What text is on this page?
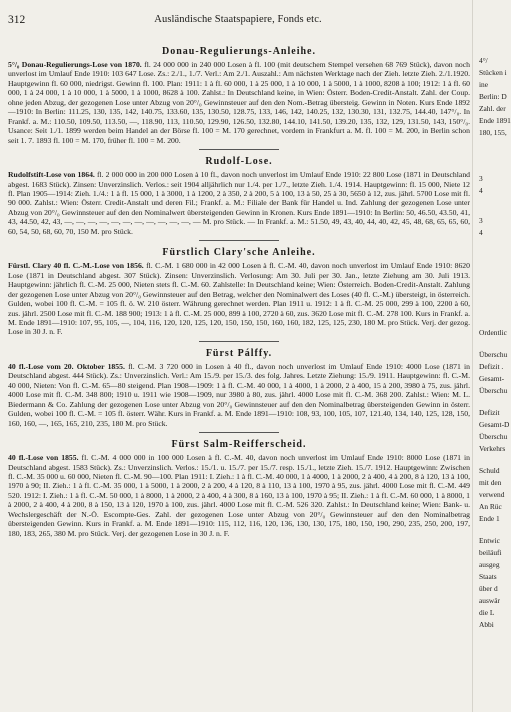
312	Ausländische Staatspapiere, Fonds etc.
Donau-Regulierungs-Anleihe.

5°/₀ Donau-Regulierungs-Lose von 1870. fl. 24 000 000 in 240 000 Losen à fl. 100 (mit deutschem Stempel versehen 68 769 Stück), davon noch unverlost im Umlauf Ende 1910: 103 647 Lose. Zs.: 2./1., 1./7. Verl.: Am 2./1. Auszahl.: Am nächsten Werktage nach der Zieh. letzte Zieh. 2./1.1920. Hauptgewinn fl. 60 000, niedrigst. Gewinn fl. 100. Plan: 1911: 1 à fl. 60 000, 1 à 25 000, 1 à 10 000, 1 à 5000, 1 à 1000, 8208 à 100; 1912: 1 à fl. 60 000, 1 à 24 000, 1 à 10 000, 1 à 5000, 1 à 1000, 8628 à 100. Zahlst.: In Deutschland keine, in Wien: Österr. Boden-Credit-Anstalt. Zahl. der Coup. ohne jeden Abzug, der gezogenen Lose unter Abzug von 20°/₀ Gewinnsteuer auf den den Nom.-Betrag übersteig. Gewinn in Noten. Kurs Ende 1892—1910: In Berlin: 111.25, 130, 135, 142, 140.75, 133.60, 135, 130.50, 128.75, 133, 146, 142, 140.25, 132, 130.30, 131, 132.75, 144.40, 147°/₀. In Frankf. a. M.: 110.50, 109.50, 113.50, —, 118.90, 113, 110.50, 129.90, 126.50, 132.80, 144.10, 141.50, 139.20, 135, 132, 129, 131.50, 143, 150°/₀. Usance: Seit 1./1. 1899 werden beim Handel an der Börse fl. 100 = M. 170 gerechnet, vordem in Frankfurt a. M. fl. 100 = M. 200, in Berlin schon seit 1. 7. 1893 fl. 100 = M. 170, früher fl. 100 = M. 200.

Rudolf-Lose.

Rudolfstift-Lose von 1864. fl. 2 000 000 in 200 000 Losen à 10 fl., davon noch unverlost im Umlauf Ende 1910: 22 800 Lose (1871 in Deutschland abgest. 1683 Stück). Zinsen: Unverzinslich. Verlos.: seit 1904 alljährlich nur 1./4. per 1./7., letzte Zieh. 1./4. 1914. Hauptgewinn: fl. 15 000, Niete 12 fl. Plan 1905—1914: Zieh. 1./4.: 1 à fl. 15 000, 1 à 3000, 1 à 1200, 2 à 350, 2 à 200, 5 à 100, 13 à 50, 25 à 30, 5650 à 12, zus. jährl. 5700 Lose mit fl. 90 000. Zahlst.: Wien: Österr. Credit-Anstalt und deren Fil.; Frankf. a. M.: Filiale der Bank für Handel u. Ind. Zahlung der gezogenen Lose unter Abzug von 20°/₀ Gewinnsteuer auf den den Nominalwert übersteigenden Gewinn in Kronen. Kurs Ende 1891—1910: In Berlin: 50, 46.50, 43.50, 41, 43, 44.50, 42, 43, —, —, —, —, —, —, —, —, —, —, —, — M. pro Stück. — In Frankf. a. M.: 51.50, 49, 43, 40, 44, 40, 42, 45, 48, 68, 65, 65, 60, 60, 54, 50, 68, 60, 70, 150 M. pro Stück.

Fürstlich Clary'sche Anleihe.

Fürstl. Clary 40 fl. C.-M.-Lose von 1856. fl. C.-M. 1 680 000 in 42 000 Losen à fl. C.-M. 40, davon noch unverlost im Umlauf Ende 1910: 8620 Lose (1871 in Deutschland abgest. 307 Stück). Zinsen: Unverzinslich. Verlosung: Am 30. Juli per 30. Jan., letzte Ziehung am 30. Juli 1913. Hauptgewinn: jährlich fl. C.-M. 25 000, Nieten stets fl. C.-M. 60. Zahlstelle: In Deutschland keine; Wien: Österreich. Boden-Credit-Anstalt. Zahlung der gezogenen Lose unter Abzug von 20°/₀ Gewinnsteuer auf den Betrag, welcher den Nominalwert des Loses (40 fl. C.-M.) übersteigt, in österreich. Gulden, wobei 100 fl. C.-M. = 105 fl. ö. W. 210 österr. Währung gerechnet werden. Plan 1911 u. 1912: 1 à fl. C.-M. 25 000, 299 à 100, 2200 à 60, zus. jährl. 2500 Lose mit fl. C.-M. 188 900; 1913: 1 à fl. C.-M. 25 000, 899 à 100, 2720 à 60, zus. 3620 Lose mit fl. C.-M. 278 100. Kurs in Frankf. a. M. Ende 1891—1910: 107, 95, 105, —, 104, 116, 120, 120, 125, 120, 150, 150, 150, 160, 160, 182, 125, 125, 230, 180 M. pro Stück. Verj. der gezog. Lose in 30 J. n. F.

Fürst Pálffy.

40 fl.-Lose vom 20. Oktober 1855. fl. C.-M. 3 720 000 in Losen à 40 fl., davon noch unverlost im Umlauf Ende 1910: 4000 Lose (1871 in Deutschland abgest. 444 Stück). Zs.: Unverzinslich. Verl.: Am 15./9. per 15./3. des folg. Jahres. Letzte Ziehung: 15./9. 1911. Hauptgewinn: fl. C.-M. 40 000, Nieten: Von fl. C.-M. 65—80 steigend. Plan 1908—1909: 1 à fl. C.-M. 40 000, 1 à 4000, 1 à 2000, 2 à 400, 15 à 200, 3980 à 75, zus. jährl. 4000 Lose mit fl. C.-M. 348 800; 1910 u. 1911 wie 1908—1909, nur 3980 à 80, zus. jährl. 4000 Lose mit fl. C.-M. 368 200. Zahlst.: Wien: M. L. Biedermann & Co. Zahlung der gezogenen Lose unter Abzug von 20°/₀ Gewinnsteuer auf den den Nominalbetrag übersteigenden Gewinn in österr. Gulden, wobei 100 fl. C.-M. = 105 fl. österr. Währ. Kurs in Frankf. a. M. Ende 1891—1910: 108, 93, 100, 105, 107, 121.40, 134, 140, 125, 128, 150, 160, 160, —, 165, 165, 210, 235, 180 M. pro Stück.

Fürst Salm-Reifferscheid.

40 fl.-Lose von 1855. fl. C.-M. 4 000 000 in 100 000 Losen à fl. C.-M. 40, davon noch unverlost im Umlauf Ende 1910: 8000 Lose (1871 in Deutschland abgest. 1583 Stück). Zs.: Unverzinslich. Verlos.: 15./1. u. 15./7. per 15./7. resp. 15./1., letzte Zieh. 15./7. 1912. Hauptgewinn: Zwischen fl. C.-M. 35 000 u. 60 000, Nieten fl. C.-M. 90—100. Plan 1911: I. Zieh.: 1 à fl. C.-M. 40 000, 1 à 4000, 1 à 2000, 2 à 400, 4 à 200, 8 à 120, 13 à 100, 1970 à 90; II. Zieh.: 1 à fl. C.-M. 35 000, 1 à 5000, 1 à 2000, 2 à 200, 4 à 120, 8 à 110, 13 à 100, 1970 à 95, zus. jährl. 4000 Lose mit fl. C.-M. 449 520. 1912: I. Zieh.: 1 à fl. C.-M. 50 000, 1 à 8000, 1 à 2000, 2 à 400, 4 à 300, 8 à 160, 13 à 100, 1970 à 95; II. Zieh.: 1 à fl. C.-M. 60 000, 1 à 8000, 1 à 2000, 2 à 400, 4 à 200, 8 à 150, 13 à 120, 1970 à 100, zus. jährl. 4000 Lose mit fl. C.-M. 526 320. Zahlst.: In Deutschland keine; Wien: Bank- u. Wechslergeschäft der N.-Ö. Escompte-Ges. Zahl. der gezogenen Lose unter Abzug von 20°/₀ Gewinnsteuer auf den den Nominalbetrag übersteigenden Gewinn. Kurs in Frankf. a. M. Ende 1891—1910: 115, 112, 116, 120, 136, 130, 130, 175, 180, 150, 190, 290, 235, 250, 200, 197, 180, 183, 265, 380 M. pro Stück. Verj. der gezogenen Lose in 30 J. n. F.

4°/
Stücken i
ine
Berlin: D
Zahl. der
Ende 1891
180, 155,
3
4
3
4
Ordentlic
Überschu
Defizit .
Gesamt-
Überschu
Defizit
Gesamt-D
Überschu
Verkehrs
Schuld
mit den
verwend
An Rüc
Ende 1
Entwic
beiläufi
ausgeg
Staats
über d
auswär
die L
Abbi
